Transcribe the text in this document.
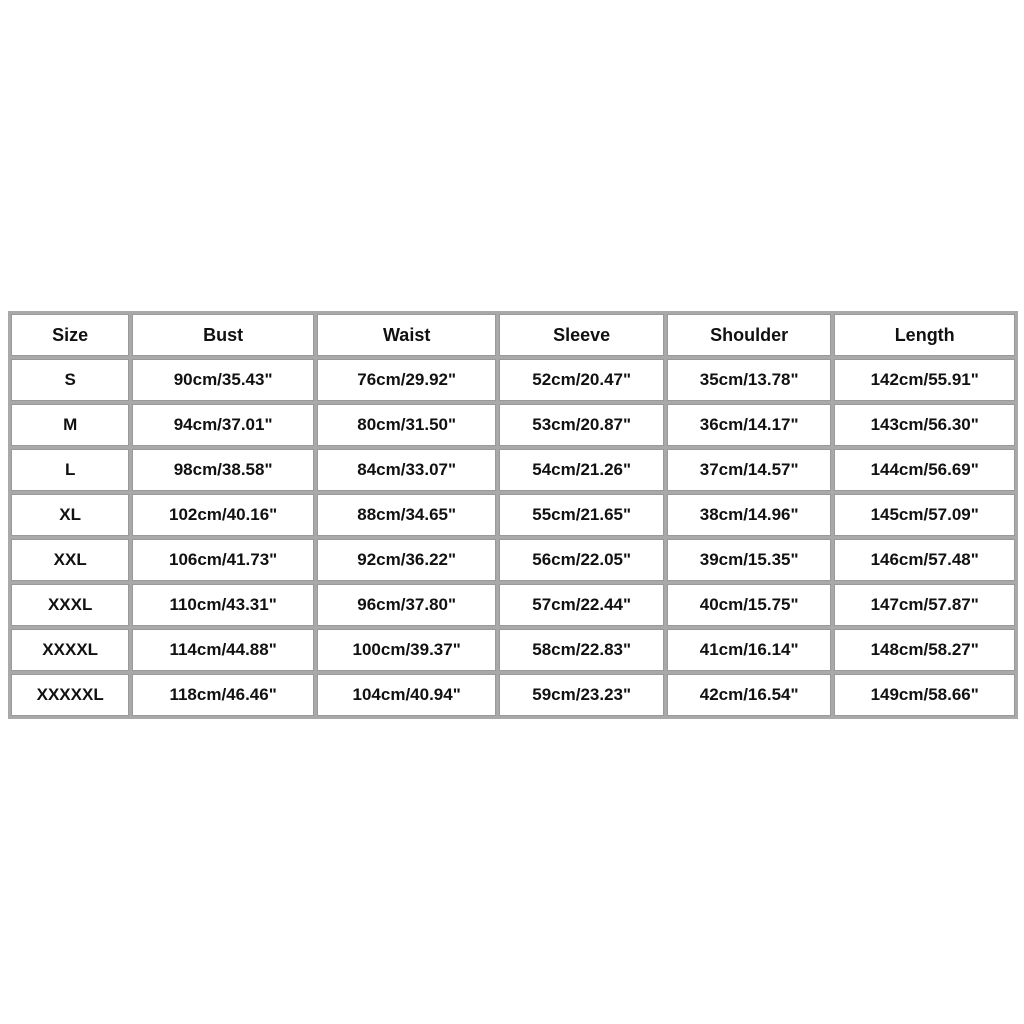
Size	Bust	Waist	Sleeve	Shoulder	Length
S	90cm/35.43"	76cm/29.92"	52cm/20.47"	35cm/13.78"	142cm/55.91"
M	94cm/37.01"	80cm/31.50"	53cm/20.87"	36cm/14.17"	143cm/56.30"
L	98cm/38.58"	84cm/33.07"	54cm/21.26"	37cm/14.57"	144cm/56.69"
XL	102cm/40.16"	88cm/34.65"	55cm/21.65"	38cm/14.96"	145cm/57.09"
XXL	106cm/41.73"	92cm/36.22"	56cm/22.05"	39cm/15.35"	146cm/57.48"
XXXL	110cm/43.31"	96cm/37.80"	57cm/22.44"	40cm/15.75"	147cm/57.87"
XXXXL	114cm/44.88"	100cm/39.37"	58cm/22.83"	41cm/16.14"	148cm/58.27"
XXXXXL	118cm/46.46"	104cm/40.94"	59cm/23.23"	42cm/16.54"	149cm/58.66"
